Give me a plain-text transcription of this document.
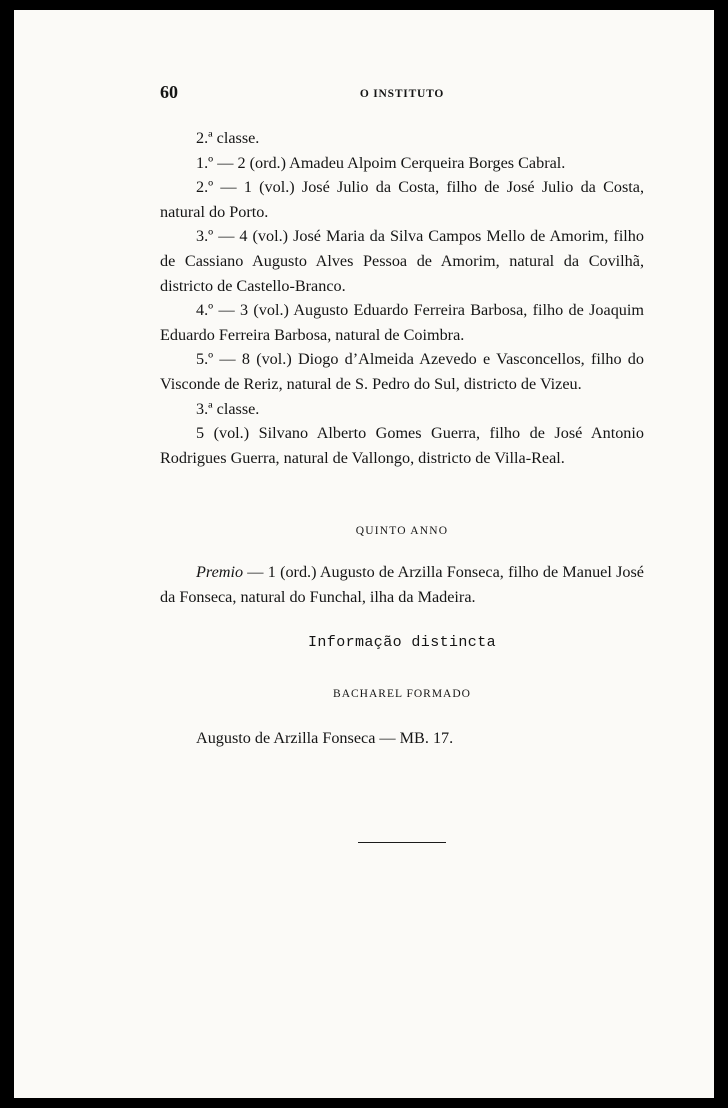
60	O INSTITUTO
2.ª classe.
1.º — 2 (ord.) Amadeu Alpoim Cerqueira Borges Cabral.
2.º — 1 (vol.) José Julio da Costa, filho de José Julio da Costa, natural do Porto.
3.º — 4 (vol.) José Maria da Silva Campos Mello de Amorim, filho de Cassiano Augusto Alves Pessoa de Amorim, natural da Covilhã, districto de Castello-Branco.
4.º — 3 (vol.) Augusto Eduardo Ferreira Barbosa, filho de Joaquim Eduardo Ferreira Barbosa, natural de Coimbra.
5.º — 8 (vol.) Diogo d’Almeida Azevedo e Vasconcellos, filho do Visconde de Reriz, natural de S. Pedro do Sul, districto de Vizeu.
3.ª classe.
5 (vol.) Silvano Alberto Gomes Guerra, filho de José Antonio Rodrigues Guerra, natural de Vallongo, districto de Villa-Real.
QUINTO ANNO
Premio — 1 (ord.) Augusto de Arzilla Fonseca, filho de Manuel José da Fonseca, natural do Funchal, ilha da Madeira.
Informação distincta
BACHAREL FORMADO
Augusto de Arzilla Fonseca — MB. 17.
